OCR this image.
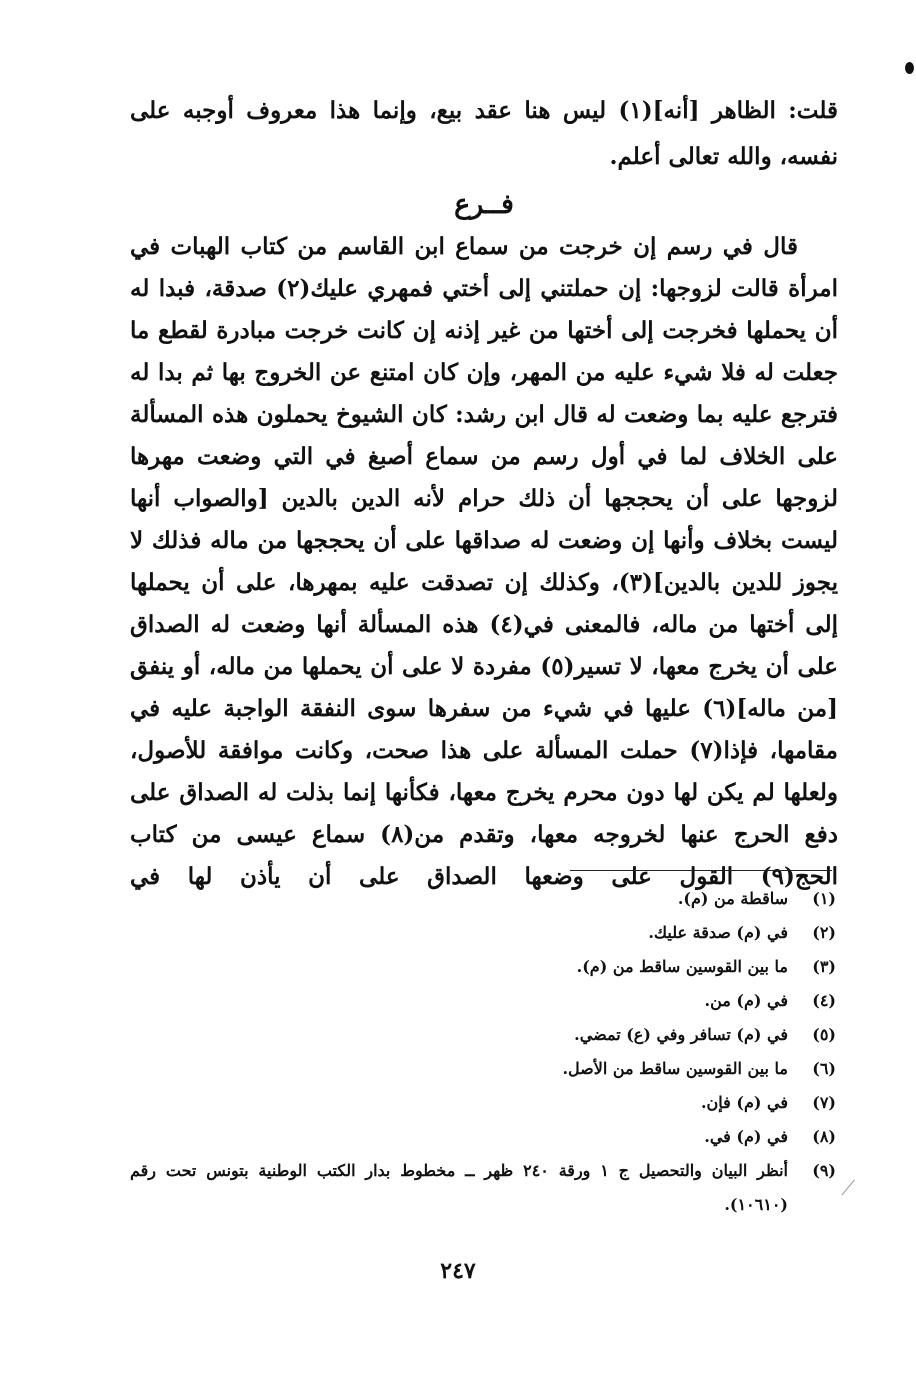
قلت: الظاهر [أنه](١) ليس هنا عقد بيع، وإنما هذا معروف أوجبه على نفسه، والله تعالى أعلم.

فــرع

قال في رسم إن خرجت من سماع ابن القاسم من كتاب الهبات في امرأة قالت لزوجها: إن حملتني إلى أختي فمهري عليك(٢) صدقة، فبدا له أن يحملها فخرجت إلى أختها من غير إذنه إن كانت خرجت مبادرة لقطع ما جعلت له فلا شيء عليه من المهر، وإن كان امتنع عن الخروج بها ثم بدا له فترجع عليه بما وضعت له قال ابن رشد: كان الشيوخ يحملون هذه المسألة على الخلاف لما في أول رسم من سماع أصبغ في التي وضعت مهرها لزوجها على أن يحججها أن ذلك حرام لأنه الدين بالدين [والصواب أنها ليست بخلاف وأنها إن وضعت له صداقها على أن يحججها من ماله فذلك لا يجوز للدين بالدين](٣)، وكذلك إن تصدقت عليه بمهرها، على أن يحملها إلى أختها من ماله، فالمعنى في(٤) هذه المسألة أنها وضعت له الصداق على أن يخرج معها، لا تسير(٥) مفردة لا على أن يحملها من ماله، أو ينفق [من ماله](٦) عليها في شيء من سفرها سوى النفقة الواجبة عليه في مقامها، فإذا(٧) حملت المسألة على هذا صحت، وكانت موافقة للأصول، ولعلها لم يكن لها دون محرم يخرج معها، فكأنها إنما بذلت له الصداق على دفع الحرج عنها لخروجه معها، وتقدم من(٨) سماع عيسى من كتاب الحج(٩) القول على وضعها الصداق على أن يأذن لها في

(١)
ساقطة من (م).
(٢)
في (م) صدقة عليك.
(٣)
ما بين القوسين ساقط من (م).
(٤)
في (م) من.
(٥)
في (م) تسافر وفي (ع) تمضي.
(٦)
ما بين القوسين ساقط من الأصل.
(٧)
في (م) فإن.
(٨)
في (م) في.
(٩)
أنظر البيان والتحصيل ج ١ ورقة ٢٤٠ ظهر ــ مخطوط بدار الكتب الوطنية بتونس تحت رقم (١٠٦١٠).
٢٤٧
